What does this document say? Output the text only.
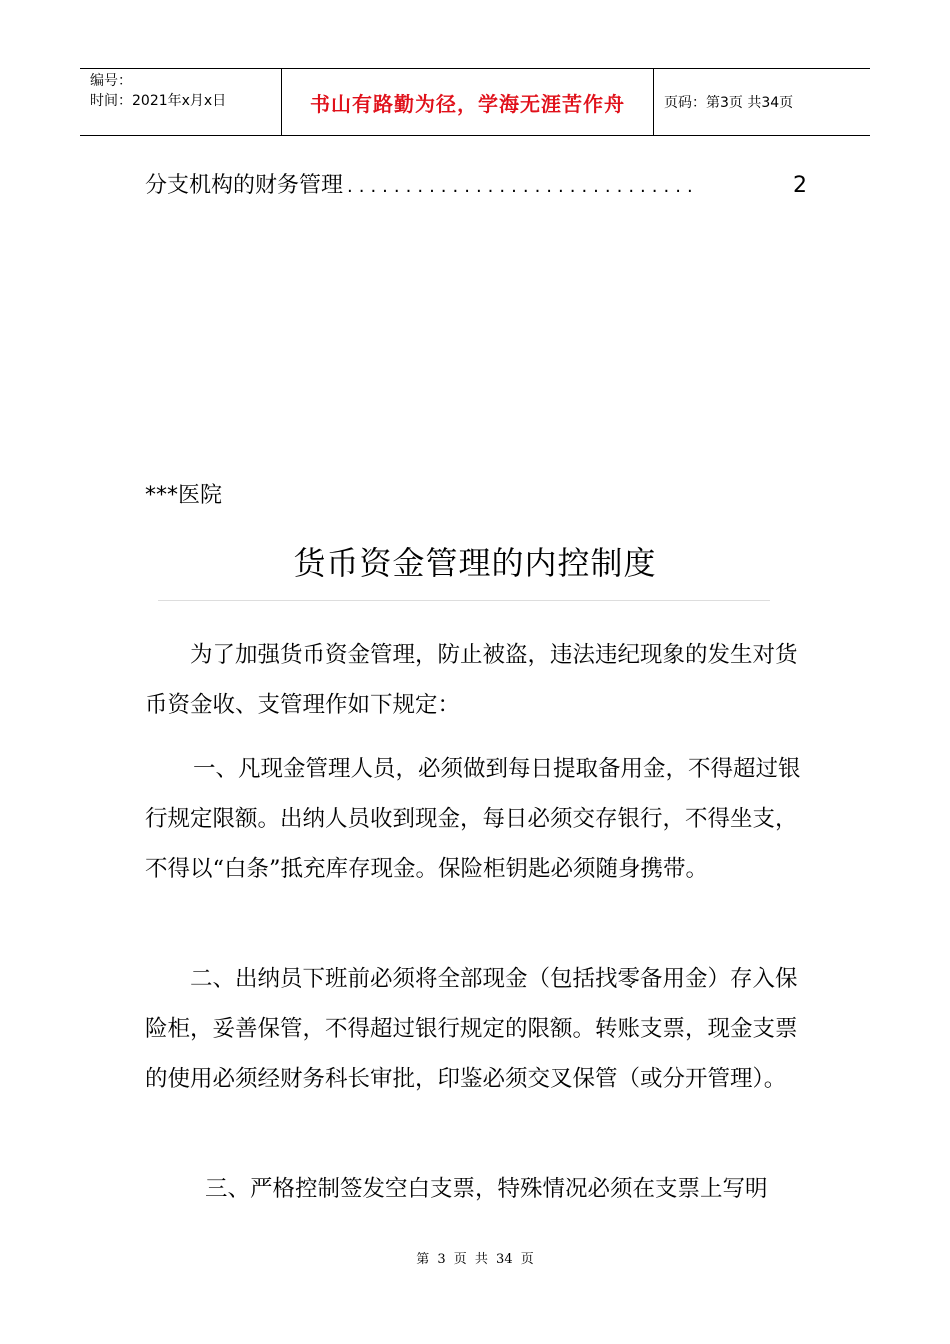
编号：
时间：2021年x月x日	书山有路勤为径，学海无涯苦作舟	页码：第3页 共34页
分支机构的财务管理 ..............................	2
***医院
货币资金管理的内控制度

为了加强货币资金管理，防止被盗，违法违纪现象的发生对货币资金收、支管理作如下规定：

一、凡现金管理人员，必须做到每日提取备用金，不得超过银行规定限额。出纳人员收到现金，每日必须交存银行，不得坐支，不得以“白条”抵充库存现金。保险柜钥匙必须随身携带。

二、出纳员下班前必须将全部现金（包括找零备用金）存入保险柜，妥善保管，不得超过银行规定的限额。转账支票，现金支票的使用必须经财务科长审批，印鉴必须交叉保管（或分开管理）。

三、严格控制签发空白支票，特殊情况必须在支票上写明

第 3 页 共 34 页
